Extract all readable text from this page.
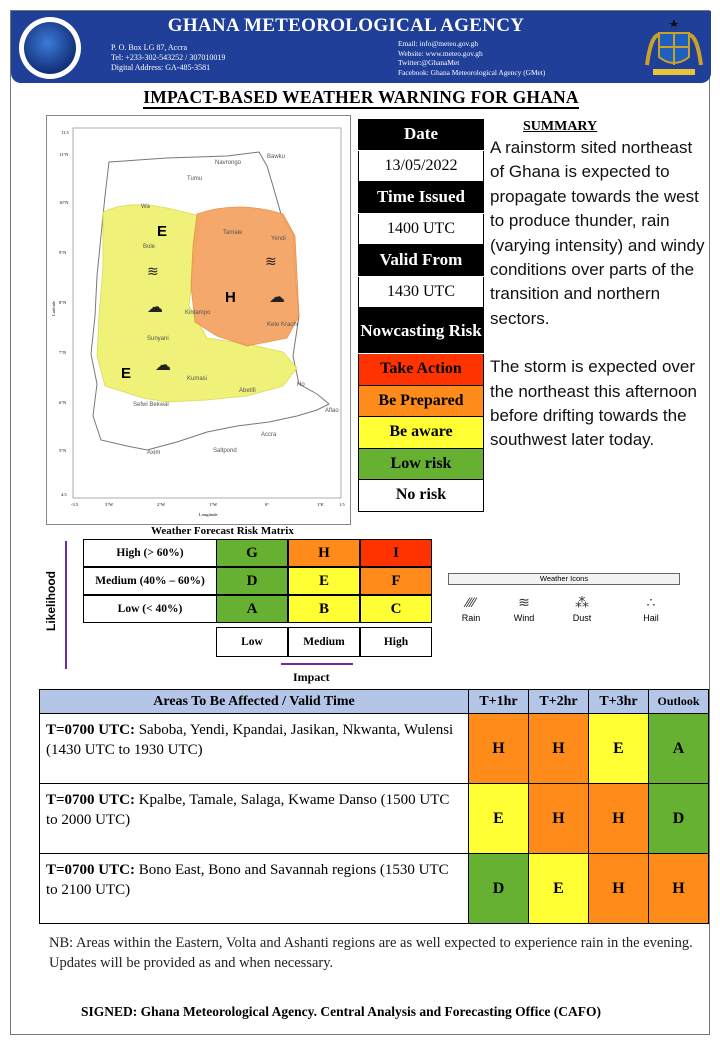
GHANA METEOROLOGICAL AGENCY
P. O. Box LG 87, Accra
Tel: +233-302-543252 / 307010019
Digital Address: GA-485-3581
Email: info@meteo.gov.gh
Website: www.meteo.gov.gh
Twitter:@GhanaMet
Facebook: Ghana Meteorological Agency (GMet)
IMPACT-BASED WEATHER WARNING FOR GHANA
11.5
11°N
10°N
9°N
8°N
7°N
6°N
5°N
4.5
-3.5	3°W	2°W	1°W	0°	1°E	1.5
Longitude
Latitude
Navrongo
Bawku
Tumu
Wa
Tamale
Yendi
Bole
Kintampo
Sunyani
Kete Krachi
Kumasi
Abetifi
Ho
Sefwi Bekwai
Accra
Aflao
Axim	Saltpond
E
H
E
≋
☁
≋
☁
☁
Date
13/05/2022
Time Issued
1400 UTC
Valid From
1430 UTC
Nowcasting Risk
Take Action
Be Prepared
Be aware
Low risk
No risk
SUMMARY

A rainstorm sited northeast of Ghana is expected to propagate towards the west to produce thunder, rain (varying intensity) and windy conditions over parts of the transition and northern sectors.

The storm is expected over the northeast this afternoon before drifting towards the southwest later today.

Weather Forecast Risk Matrix
Likelihood
High (> 60%)	G	H	I
Medium (40% – 60%)	D	E	F
Low (< 40%)	A	B	C
Low	Medium	High
Impact
Weather Icons
⁄⁄⁄⁄
Rain
≋
Wind
⁂
Dust
∴
Hail
Areas To Be Affected / Valid Time	T+1hr	T+2hr	T+3hr	Outlook
T=0700 UTC: Saboba, Yendi, Kpandai, Jasikan, Nkwanta, Wulensi (1430 UTC to 1930 UTC)	H	H	E	A
T=0700 UTC: Kpalbe, Tamale, Salaga, Kwame Danso (1500 UTC to 2000 UTC)	E	H	H	D
T=0700 UTC: Bono East, Bono and Savannah regions (1530 UTC to 2100 UTC)	D	E	H	H
NB: Areas within the Eastern, Volta and Ashanti regions are as well expected to experience rain in the evening.
Updates will be provided as and when necessary.
SIGNED: Ghana Meteorological Agency. Central Analysis and Forecasting Office (CAFO)
